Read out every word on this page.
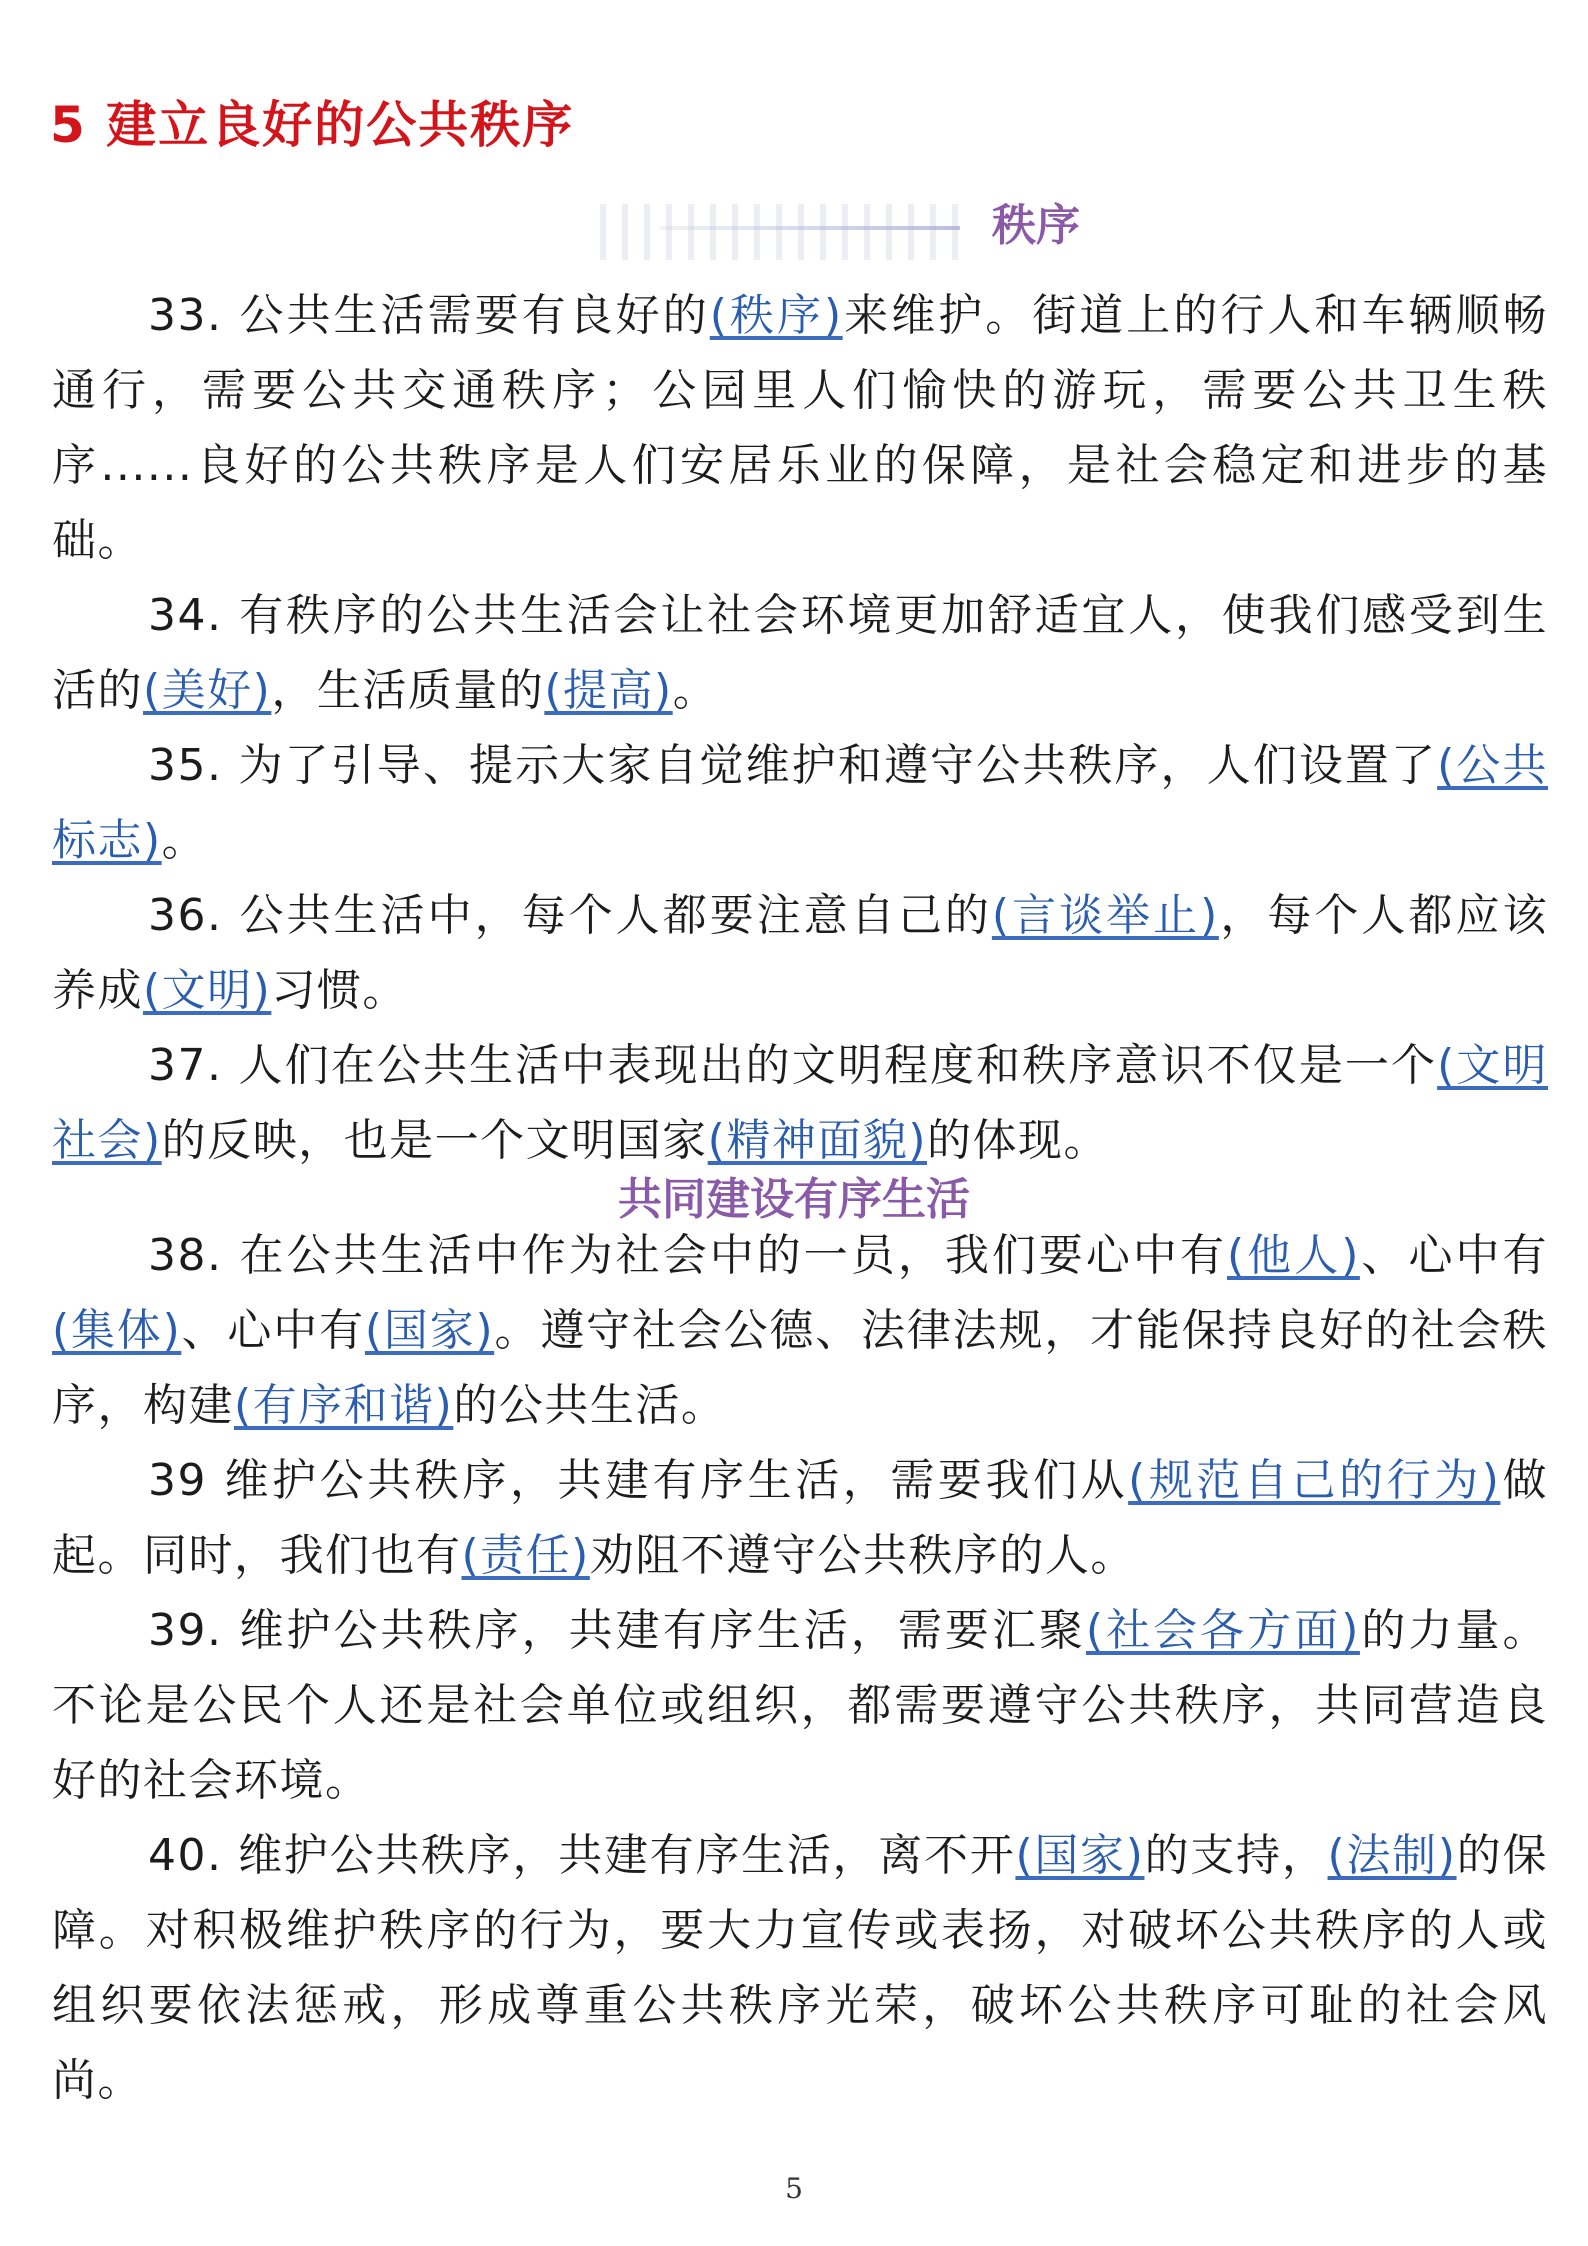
5 建立良好的公共秩序
秩序
33. 公共生活需要有良好的(秩序)来维护。街道上的行人和车辆顺畅通行，需要公共交通秩序；公园里人们愉快的游玩，需要公共卫生秩序......良好的公共秩序是人们安居乐业的保障，是社会稳定和进步的基础。
34. 有秩序的公共生活会让社会环境更加舒适宜人，使我们感受到生活的(美好)，生活质量的(提高)。
35. 为了引导、提示大家自觉维护和遵守公共秩序，人们设置了(公共标志)。
36. 公共生活中，每个人都要注意自己的(言谈举止)，每个人都应该养成(文明)习惯。
37. 人们在公共生活中表现出的文明程度和秩序意识不仅是一个(文明社会)的反映，也是一个文明国家(精神面貌)的体现。
共同建设有序生活
38. 在公共生活中作为社会中的一员，我们要心中有(他人)、心中有(集体)、心中有(国家)。遵守社会公德、法律法规，才能保持良好的社会秩序，构建(有序和谐)的公共生活。
39 维护公共秩序，共建有序生活，需要我们从(规范自己的行为)做起。同时，我们也有(责任)劝阻不遵守公共秩序的人。
39. 维护公共秩序，共建有序生活，需要汇聚(社会各方面)的力量。不论是公民个人还是社会单位或组织，都需要遵守公共秩序，共同营造良好的社会环境。
40. 维护公共秩序，共建有序生活，离不开(国家)的支持，(法制)的保障。对积极维护秩序的行为，要大力宣传或表扬，对破坏公共秩序的人或组织要依法惩戒，形成尊重公共秩序光荣，破坏公共秩序可耻的社会风尚。
5
